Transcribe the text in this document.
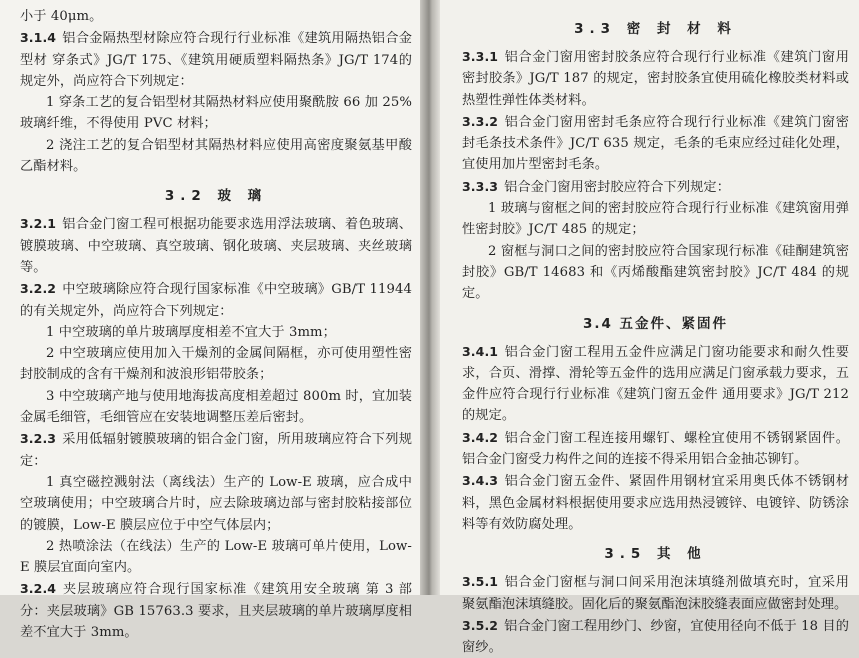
小于 40μm。

3.1.4 铝合金隔热型材除应符合现行行业标准《建筑用隔热铝合金型材 穿条式》JG/T 175、《建筑用硬质塑料隔热条》JG/T 174的规定外，尚应符合下列规定：

1 穿条工艺的复合铝型材其隔热材料应使用聚酰胺 66 加 25%玻璃纤维，不得使用 PVC 材料；

2 浇注工艺的复合铝型材其隔热材料应使用高密度聚氨基甲酸乙酯材料。

3.2 玻 璃

3.2.1 铝合金门窗工程可根据功能要求选用浮法玻璃、着色玻璃、镀膜玻璃、中空玻璃、真空玻璃、钢化玻璃、夹层玻璃、夹丝玻璃等。

3.2.2 中空玻璃除应符合现行国家标准《中空玻璃》GB/T 11944 的有关规定外，尚应符合下列规定：

1 中空玻璃的单片玻璃厚度相差不宜大于 3mm；

2 中空玻璃应使用加入干燥剂的金属间隔框，亦可使用塑性密封胶制成的含有干燥剂和波浪形铝带胶条；

3 中空玻璃产地与使用地海拔高度相差超过 800m 时，宜加装金属毛细管，毛细管应在安装地调整压差后密封。

3.2.3 采用低辐射镀膜玻璃的铝合金门窗，所用玻璃应符合下列规定：

1 真空磁控溅射法（离线法）生产的 Low-E 玻璃，应合成中空玻璃使用；中空玻璃合片时，应去除玻璃边部与密封胶粘接部位的镀膜，Low-E 膜层应位于中空气体层内；

2 热喷涂法（在线法）生产的 Low-E 玻璃可单片使用，Low-E 膜层宜面向室内。

3.2.4 夹层玻璃应符合现行国家标准《建筑用安全玻璃 第 3 部分：夹层玻璃》GB 15763.3 要求，且夹层玻璃的单片玻璃厚度相差不宜大于 3mm。

3.3 密 封 材 料

3.3.1 铝合金门窗用密封胶条应符合现行行业标准《建筑门窗用密封胶条》JG/T 187 的规定，密封胶条宜使用硫化橡胶类材料或热塑性弹性体类材料。

3.3.2 铝合金门窗用密封毛条应符合现行行业标准《建筑门窗密封毛条技术条件》JC/T 635 规定，毛条的毛束应经过硅化处理，宜使用加片型密封毛条。

3.3.3 铝合金门窗用密封胶应符合下列规定：

1 玻璃与窗框之间的密封胶应符合现行行业标准《建筑窗用弹性密封胶》JC/T 485 的规定；

2 窗框与洞口之间的密封胶应符合国家现行标准《硅酮建筑密封胶》GB/T 14683 和《丙烯酸酯建筑密封胶》JC/T 484 的规定。

3.4 五金件、紧固件

3.4.1 铝合金门窗工程用五金件应满足门窗功能要求和耐久性要求，合页、滑撑、滑轮等五金件的选用应满足门窗承载力要求，五金件应符合现行行业标准《建筑门窗五金件 通用要求》JG/T 212 的规定。

3.4.2 铝合金门窗工程连接用螺钉、螺栓宜使用不锈钢紧固件。铝合金门窗受力构件之间的连接不得采用铝合金抽芯铆钉。

3.4.3 铝合金门窗五金件、紧固件用钢材宜采用奥氏体不锈钢材料，黑色金属材料根据使用要求应选用热浸镀锌、电镀锌、防锈涂料等有效防腐处理。

3.5 其 他

3.5.1 铝合金门窗框与洞口间采用泡沫填缝剂做填充时，宜采用聚氨酯泡沫填缝胶。固化后的聚氨酯泡沫胶缝表面应做密封处理。

3.5.2 铝合金门窗工程用纱门、纱窗，宜使用径向不低于 18 目的窗纱。
